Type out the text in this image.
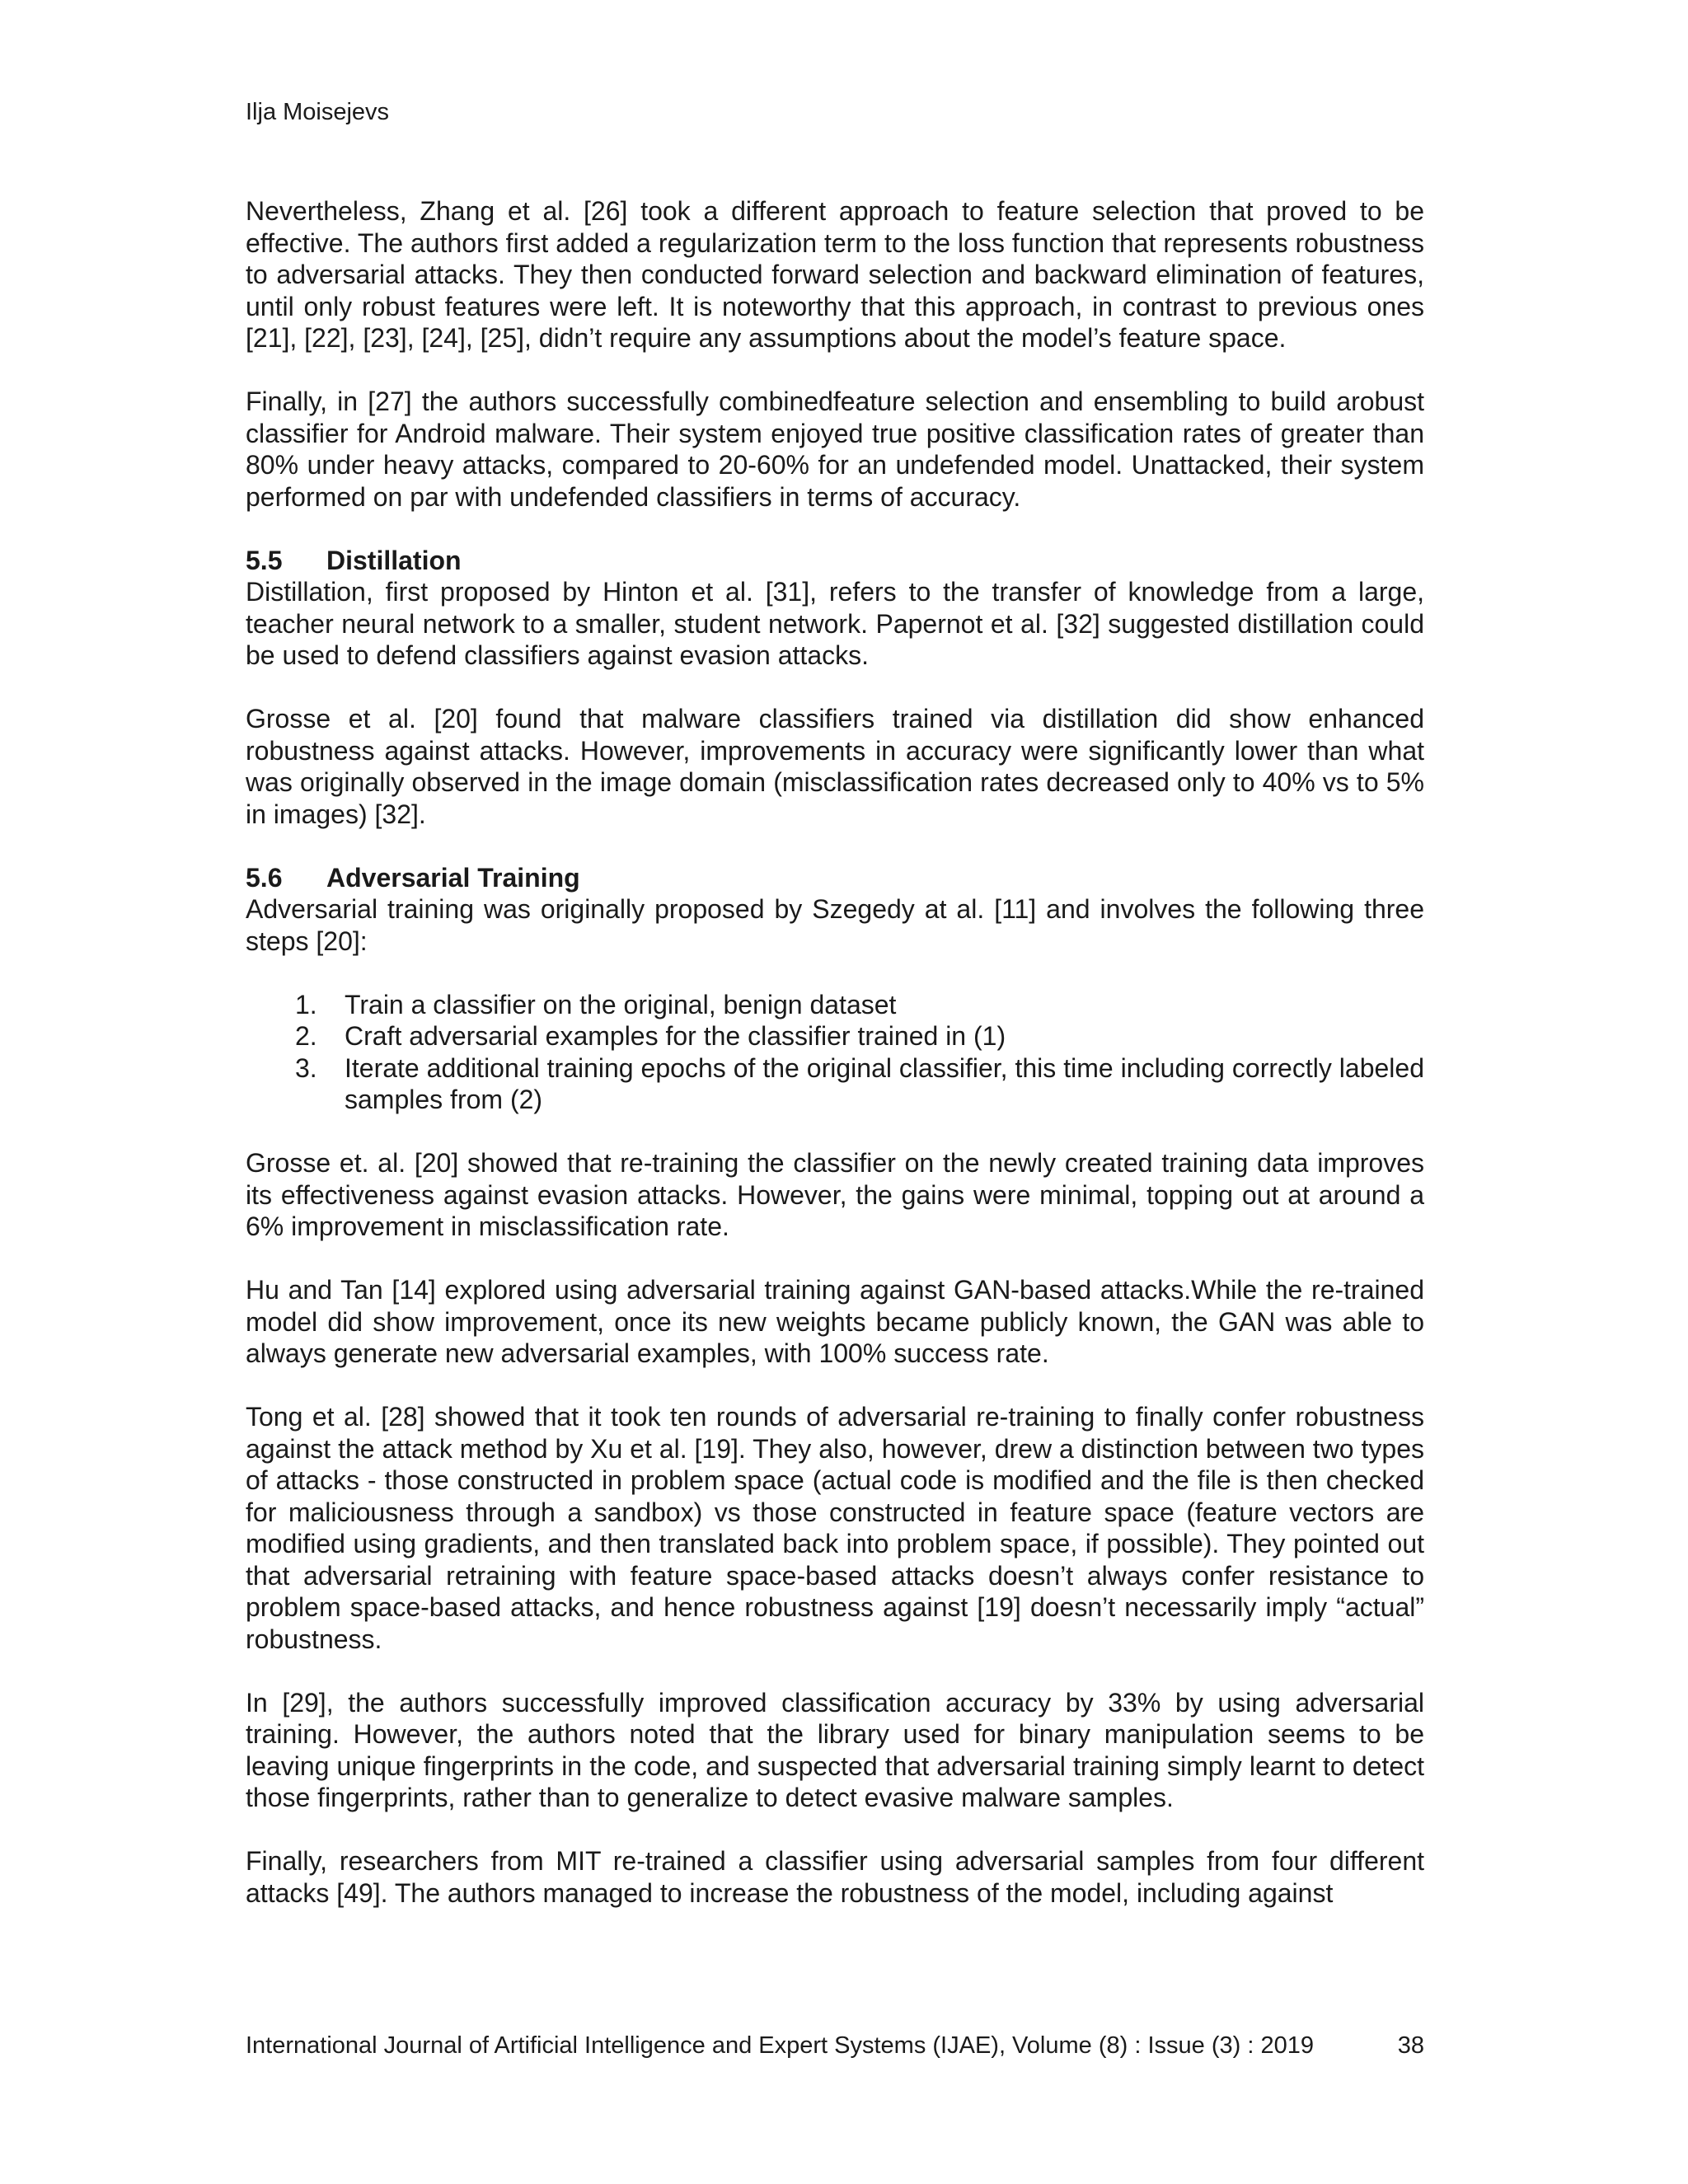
Ilja Moisejevs

Nevertheless, Zhang et al. [26] took a different approach to feature selection that proved to be effective. The authors first added a regularization term to the loss function that represents robustness to adversarial attacks. They then conducted forward selection and backward elimination of features, until only robust features were left. It is noteworthy that this approach, in contrast to previous ones [21], [22], [23], [24], [25], didn’t require any assumptions about the model’s feature space.

Finally, in [27] the authors successfully combinedfeature selection and ensembling to build arobust classifier for Android malware. Their system enjoyed true positive classification rates of greater than 80% under heavy attacks, compared to 20-60% for an undefended model. Unattacked, their system performed on par with undefended classifiers in terms of accuracy.

5.5 Distillation

Distillation, first proposed by Hinton et al. [31], refers to the transfer of knowledge from a large, teacher neural network to a smaller, student network. Papernot et al. [32] suggested distillation could be used to defend classifiers against evasion attacks.

Grosse et al. [20] found that malware classifiers trained via distillation did show enhanced robustness against attacks. However, improvements in accuracy were significantly lower than what was originally observed in the image domain (misclassification rates decreased only to 40% vs to 5% in images) [32].

5.6 Adversarial Training

Adversarial training was originally proposed by Szegedy at al. [11] and involves the following three steps [20]:

1. Train a classifier on the original, benign dataset
2. Craft adversarial examples for the classifier trained in (1)
3. Iterate additional training epochs of the original classifier, this time including correctly labeled samples from (2)

Grosse et. al. [20] showed that re-training the classifier on the newly created training data improves its effectiveness against evasion attacks. However, the gains were minimal, topping out at around a 6% improvement in misclassification rate.

Hu and Tan [14] explored using adversarial training against GAN-based attacks.While the re-trained model did show improvement, once its new weights became publicly known, the GAN was able to always generate new adversarial examples, with 100% success rate.

Tong et al. [28] showed that it took ten rounds of adversarial re-training to finally confer robustness against the attack method by Xu et al. [19]. They also, however, drew a distinction between two types of attacks - those constructed in problem space (actual code is modified and the file is then checked for maliciousness through a sandbox) vs those constructed in feature space (feature vectors are modified using gradients, and then translated back into problem space, if possible). They pointed out that adversarial retraining with feature space-based attacks doesn’t always confer resistance to problem space-based attacks, and hence robustness against [19] doesn’t necessarily imply “actual” robustness.

In [29], the authors successfully improved classification accuracy by 33% by using adversarial training. However, the authors noted that the library used for binary manipulation seems to be leaving unique fingerprints in the code, and suspected that adversarial training simply learnt to detect those fingerprints, rather than to generalize to detect evasive malware samples.

Finally, researchers from MIT re-trained a classifier using adversarial samples from four different attacks [49]. The authors managed to increase the robustness of the model, including against

International Journal of Artificial Intelligence and Expert Systems (IJAE), Volume (8) : Issue (3) : 2019	38
